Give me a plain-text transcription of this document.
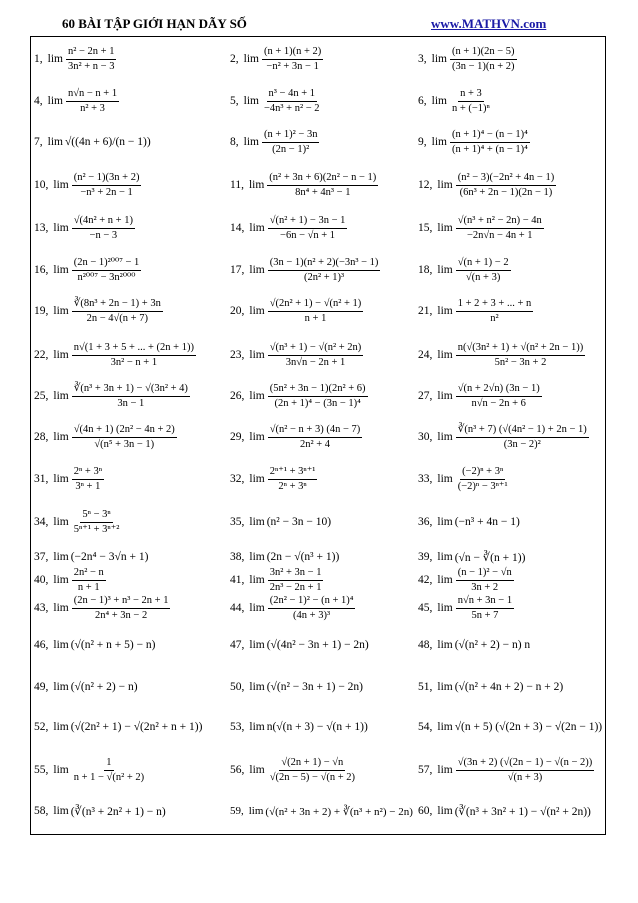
60 BÀI TẬP GIỚI HẠN DÃY SỐ	www.MATHVN.com
1, $\lim \frac{\text{n² − 2n + 1}}{\text{3n² + n − 3}}$	2, $\lim \frac{(n + 1)(n + 2)}{\text{−n² + 3n − 1}}$	3, $\lim \frac{(n + 1)(2n - 5)}{(3n - 1)(n + 2)}$
4, $\lim \frac{n√n - n + 1}{\text{n² + 3}}$	5, $\lim \frac{\text{n³ − 4n + 1}}{\text{−4n³ + n² − 2}}$	6, $\lim \frac{n + 3}{\text{n + (−1)ⁿ}}$
7, lim √((4n + 6)/(n − 1))	8, $\lim \frac{\text{(n + 1)² − 3n}}{\text{(2n − 1)²}}$	9, $\lim \frac{\text{(n + 1)⁴ − (n − 1)⁴}}{\text{(n + 1)⁴ + (n − 1)⁴}}$
10, $\lim \frac{\text{(n² − 1)(3n + 2)}}{\text{−n³ + 2n − 1}}$	11, $\lim \frac{\text{(n² + 3n + 6)(2n² − n − 1)}}{\text{8n⁴ + 4n³ − 1}}$	12, $\lim \frac{\text{(n² − 3)(−2n² + 4n − 1)}}{\text{(6n³ + 2n − 1)(2n − 1)}}$
13, $\lim \frac{\text{√(4n² + n + 1)}}{-n - 3}$	14, $\lim \frac{\text{√(n² + 1) − 3n − 1}}{-6n - √n + 1}$	15, $\lim \frac{\text{√(n³ + n² − 2n) − 4n}}{-2n√n - 4n + 1}$
16, $\lim \frac{\text{(2n − 1)²⁰⁰⁷ − 1}}{\text{n²⁰⁰⁷ − 3n²⁰⁰⁰}}$	17, $\lim \frac{\text{(3n − 1)(n² + 2)(−3n³ − 1)}}{\text{(2n² + 1)³}}$	18, $\lim \frac{√(n + 1) - 2}{√(n + 3)}$
19, $\lim \frac{\text{∛(8n³ + 2n − 1) + 3n}}{2n - 4√(n + 7)}$	20, $\lim \frac{\text{√(2n² + 1) − √(n² + 1)}}{n + 1}$	21, $\lim \frac{1 + 2 + 3 + ... + n}{\text{n²}}$
22, $\lim \frac{n√(1 + 3 + 5 + ... + (2n + 1))}{\text{3n² − n + 1}}$	23, $\lim \frac{\text{√(n³ + 1) − √(n² + 2n)}}{3n√n - 2n + 1}$	24, $\lim \frac{\text{n(√(3n² + 1) + √(n² + 2n − 1))}}{\text{5n² − 3n + 2}}$
25, $\lim \frac{\text{∛(n³ + 3n + 1) − √(3n² + 4)}}{3n - 1}$	26, $\lim \frac{\text{(5n² + 3n − 1)(2n² + 6)}}{\text{(2n + 1)⁴ − (3n − 1)⁴}}$	27, $\lim \frac{√(n + 2√n) (3n - 1)}{n√n - 2n + 6}$
28, $\lim \frac{\text{√(4n + 1) (2n² − 4n + 2)}}{\text{√(n⁵ + 3n − 1)}}$	29, $\lim \frac{\text{√(n² − n + 3) (4n − 7)}}{\text{2n² + 4}}$	30, $\lim \frac{\text{∛(n³ + 7) (√(4n² − 1) + 2n − 1)}}{\text{(3n − 2)²}}$
31, $\lim \frac{\text{2ⁿ + 3ⁿ}}{\text{3ⁿ + 1}}$	32, $\lim \frac{\text{2ⁿ⁺¹ + 3ⁿ⁺¹}}{\text{2ⁿ + 3ⁿ}}$	33, $\lim \frac{\text{(−2)ⁿ + 3ⁿ}}{\text{(−2)ⁿ − 3ⁿ⁺¹}}$
34, $\lim \frac{\text{5ⁿ − 3ⁿ}}{\text{5ⁿ⁺¹ + 3ⁿ⁺²}}$	35, lim (n² − 3n − 10)	36, lim (−n³ + 4n − 1)
37, lim (−2n⁴ − 3√n + 1)	38, lim (2n − √(n³ + 1))	39, lim (√n − ∛(n + 1))
40, $\lim \frac{\text{2n² − n}}{n + 1}$	41, $\lim \frac{\text{3n² + 3n − 1}}{\text{2n³ − 2n + 1}}$	42, $\lim \frac{\text{(n − 1)² − √n}}{3n + 2}$
43, $\lim \frac{\text{(2n − 1)³ + n³ − 2n + 1}}{\text{2n⁴ + 3n − 2}}$	44, $\lim \frac{\text{(2n² − 1)² − (n + 1)⁴}}{\text{(4n + 3)³}}$	45, $\lim \frac{n√n + 3n - 1}{5n + 7}$
46, lim (√(n² + n + 5) − n)	47, lim (√(4n² − 3n + 1) − 2n)	48, lim (√(n² + 2) − n) n
49, lim (√(n² + 2) − n)	50, lim (√(n² − 3n + 1) − 2n)	51, lim (√(n² + 4n + 2) − n + 2)
52, lim (√(2n² + 1) − √(2n² + n + 1)) 53, lim n(√(n + 3) − √(n + 1))	54, lim √(n + 5) (√(2n + 3) − √(2n − 1))
55, $\lim \frac{1}{\text{n + 1 − √(n² + 2)}}$	56, $\lim \frac{√(2n + 1) - √n}{√(2n - 5) - √(n + 2)}$	57, $\lim \frac{√(3n + 2) (√(2n - 1) - √(n - 2))}{√(n + 3)}$
58, lim (∛(n³ + 2n² + 1) − n)	59, lim (√(n² + 3n + 2) + ∛(n³ + n²) − 2n) 60, lim (∛(n³ + 3n² + 1) − √(n² + 2n))
